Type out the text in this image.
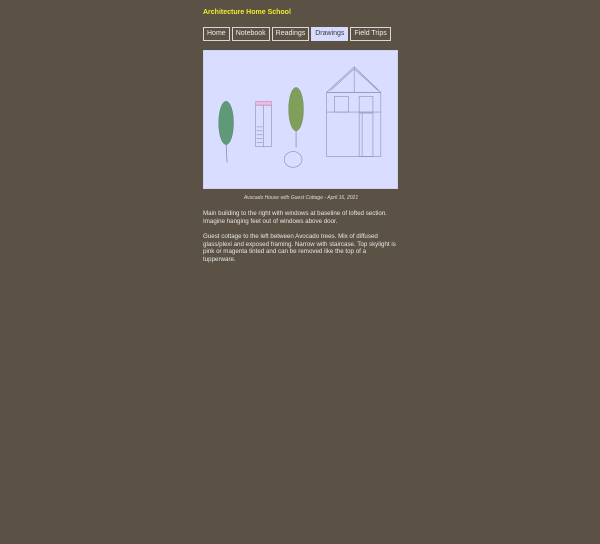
Architecture Home School
Home	Notebook	Readings	Drawings	Field Trips
Avocado House with Guest Cottage - April 16, 2021

Main building to the right with windows at baseline of lofted section. Imagine hanging feet out of windows above door.

Guest cottage to the left between Avocado trees. Mix of diffused glass/plexi and exposed framing. Narrow with staircase. Top skylight is pink or magenta tinted and can be removed like the top of a tupperware.
